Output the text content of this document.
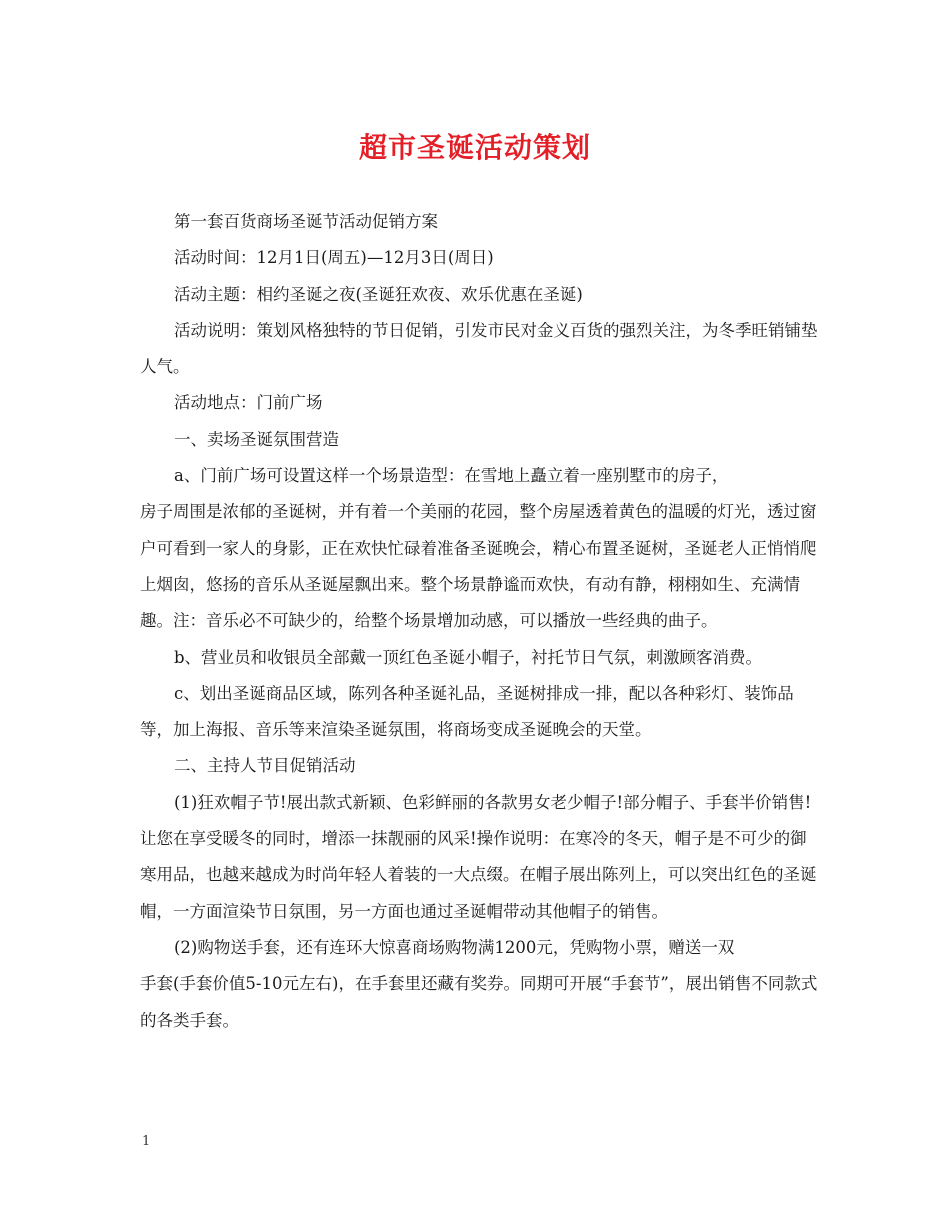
超市圣诞活动策划

第一套百货商场圣诞节活动促销方案

活动时间：12月1日(周五)—12月3日(周日)

活动主题：相约圣诞之夜(圣诞狂欢夜、欢乐优惠在圣诞)

活动说明：策划风格独特的节日促销，引发市民对金义百货的强烈关注，为冬季旺销铺垫人气。

活动地点：门前广场

一、卖场圣诞氛围营造

a、门前广场可设置这样一个场景造型：在雪地上矗立着一座别墅市的房子，

房子周围是浓郁的圣诞树，并有着一个美丽的花园，整个房屋透着黄色的温暖的灯光，透过窗户可看到一家人的身影，正在欢快忙碌着准备圣诞晚会，精心布置圣诞树，圣诞老人正悄悄爬上烟囱，悠扬的音乐从圣诞屋飘出来。整个场景静谧而欢快，有动有静，栩栩如生、充满情趣。注：音乐必不可缺少的，给整个场景增加动感，可以播放一些经典的曲子。

b、营业员和收银员全部戴一顶红色圣诞小帽子，衬托节日气氛，刺激顾客消费。

c、划出圣诞商品区域，陈列各种圣诞礼品，圣诞树排成一排，配以各种彩灯、装饰品等，加上海报、音乐等来渲染圣诞氛围，将商场变成圣诞晚会的天堂。

二、主持人节目促销活动

(1)狂欢帽子节!展出款式新颖、色彩鲜丽的各款男女老少帽子!部分帽子、手套半价销售!让您在享受暖冬的同时，增添一抹靓丽的风采!操作说明：在寒冷的冬天，帽子是不可少的御寒用品，也越来越成为时尚年轻人着装的一大点缀。在帽子展出陈列上，可以突出红色的圣诞帽，一方面渲染节日氛围，另一方面也通过圣诞帽带动其他帽子的销售。

(2)购物送手套，还有连环大惊喜商场购物满1200元，凭购物小票，赠送一双

手套(手套价值5-10元左右)，在手套里还藏有奖券。同期可开展“手套节”，展出销售不同款式的各类手套。

1
